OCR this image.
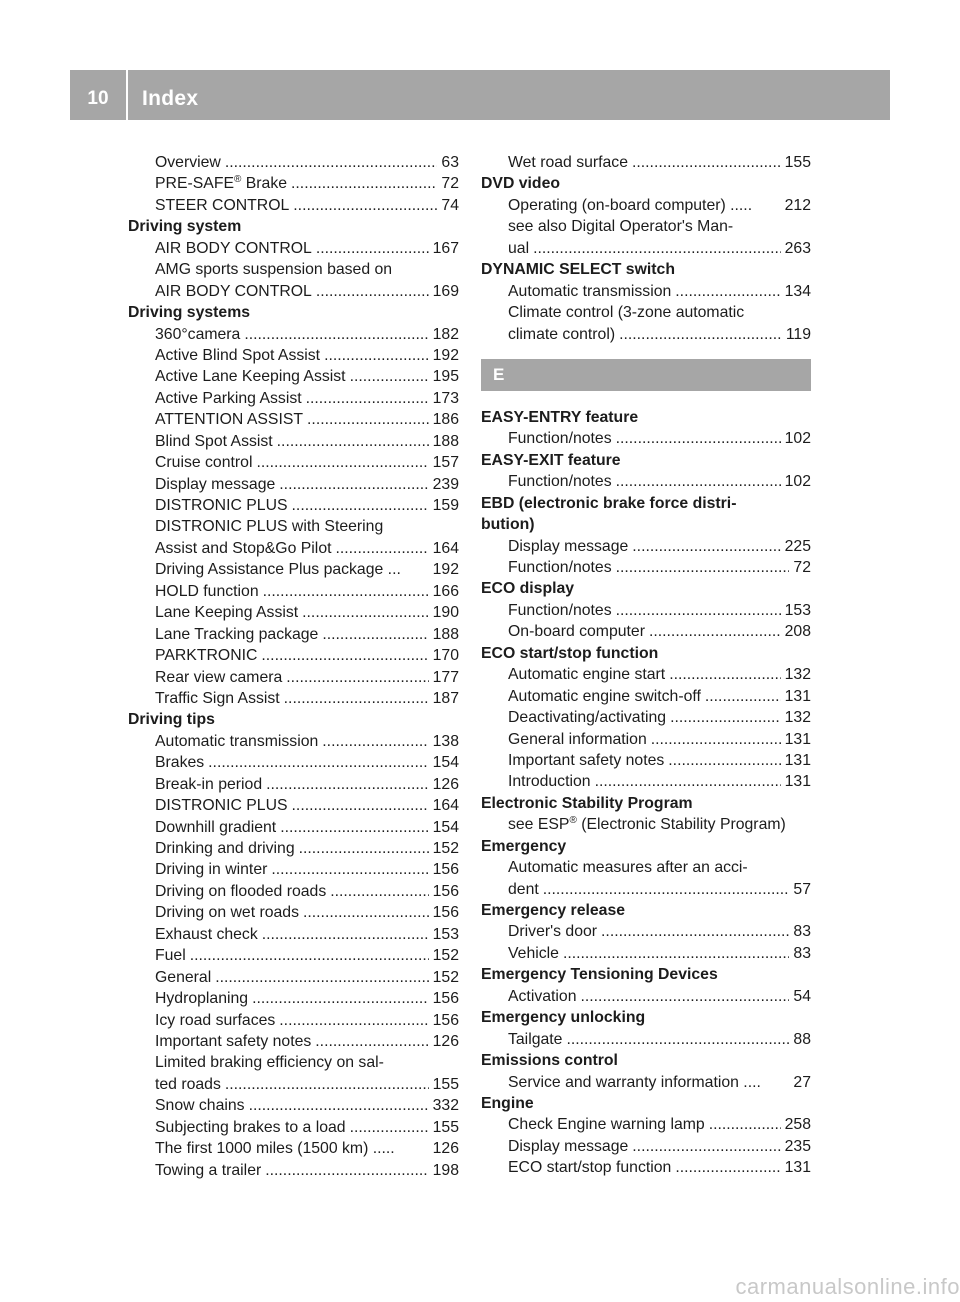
10	Index
Overview .....	63
PRE-SAFE® Brake .....	72
STEER CONTROL .....	74
Driving system
AIR BODY CONTROL .....	167
AMG sports suspension based on
AIR BODY CONTROL .....	169
Driving systems
360°camera .....	182
Active Blind Spot Assist .....	192
Active Lane Keeping Assist .....	195
Active Parking Assist .....	173
ATTENTION ASSIST .....	186
Blind Spot Assist .....	188
Cruise control .....	157
Display message .....	239
DISTRONIC PLUS .....	159
DISTRONIC PLUS with Steering
Assist and Stop&Go Pilot .....	164
Driving Assistance Plus package ... 192
HOLD function .....	166
Lane Keeping Assist .....	190
Lane Tracking package .....	188
PARKTRONIC .....	170
Rear view camera .....	177
Traffic Sign Assist .....	187
Driving tips
Automatic transmission .....	138
Brakes .....	154
Break-in period .....	126
DISTRONIC PLUS .....	164
Downhill gradient .....	154
Drinking and driving .....	152
Driving in winter .....	156
Driving on flooded roads .....	156
Driving on wet roads .....	156
Exhaust check .....	153
Fuel .....	152
General .....	152
Hydroplaning .....	156
Icy road surfaces .....	156
Important safety notes .....	126
Limited braking efficiency on sal-
ted roads .....	155
Snow chains .....	332
Subjecting brakes to a load .....	155
The first 1000 miles (1500 km) ..... 126
Towing a trailer .....	198
Wet road surface .....	155
DVD video
Operating (on-board computer) ..... 212
see also Digital Operator's Man-
ual .....	263
DYNAMIC SELECT switch
Automatic transmission .....	134
Climate control (3-zone automatic
climate control) .....	119
E
EASY-ENTRY feature
Function/notes .....	102
EASY-EXIT feature
Function/notes .....	102
EBD (electronic brake force distri-
bution)
Display message .....	225
Function/notes .....	72
ECO display
Function/notes .....	153
On-board computer .....	208
ECO start/stop function
Automatic engine start .....	132
Automatic engine switch-off .....	131
Deactivating/activating .....	132
General information .....	131
Important safety notes .....	131
Introduction .....	131
Electronic Stability Program
see ESP® (Electronic Stability Program)
Emergency
Automatic measures after an acci-
dent .....	57
Emergency release
Driver's door .....	83
Vehicle .....	83
Emergency Tensioning Devices
Activation .....	54
Emergency unlocking
Tailgate .....	88
Emissions control
Service and warranty information .... 27
Engine
Check Engine warning lamp .....	258
Display message .....	235
ECO start/stop function .....	131
carmanualsonline.info
